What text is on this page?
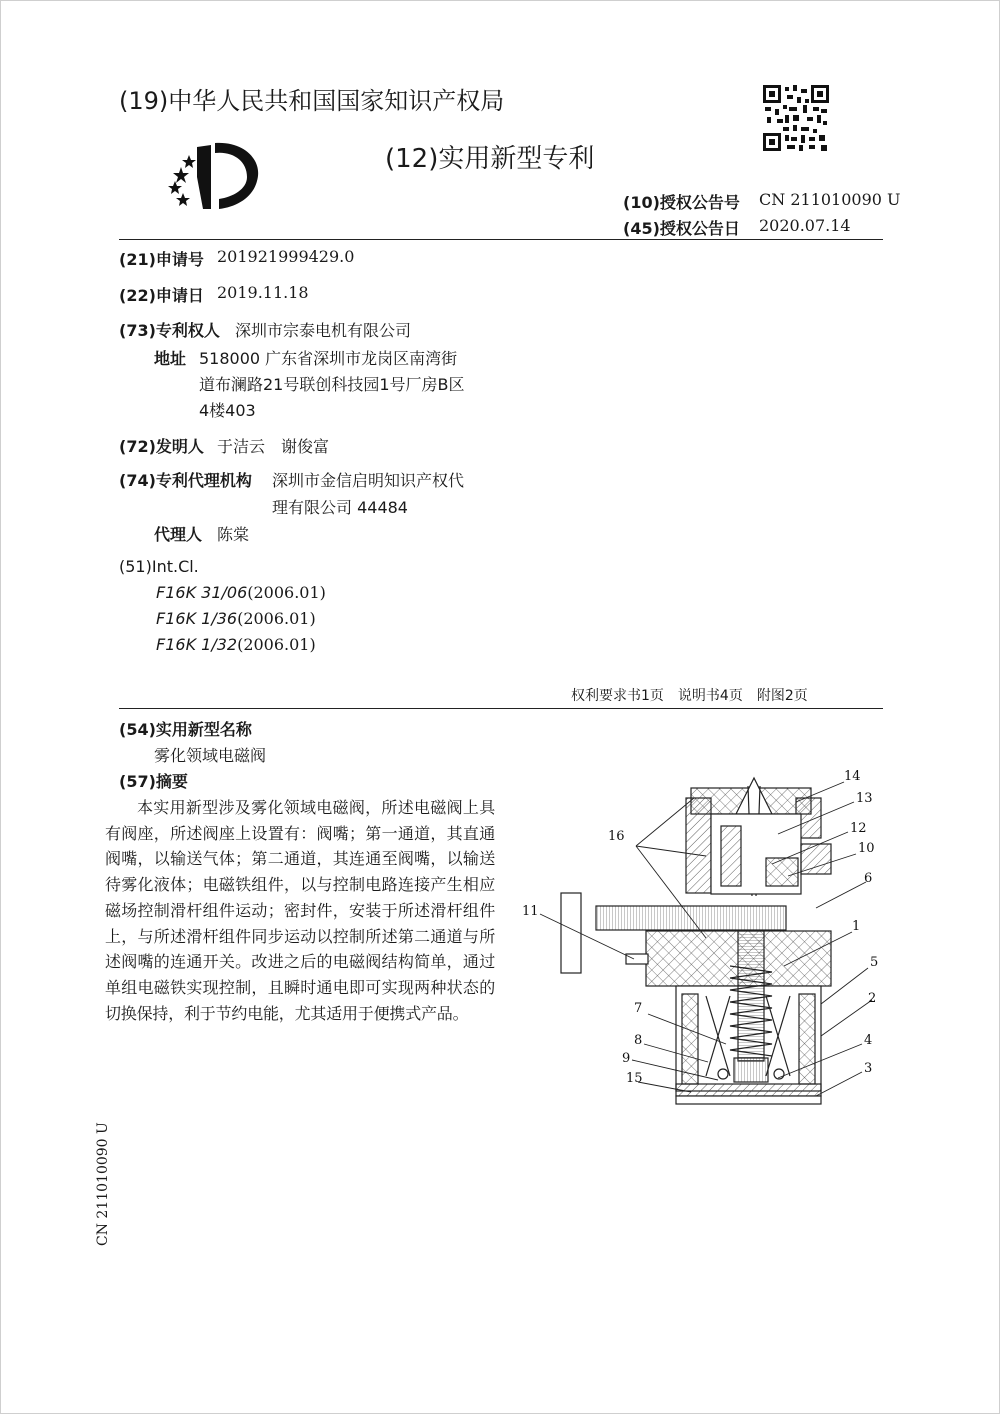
(19)中华人民共和国国家知识产权局
(12)实用新型专利
(10)授权公告号 CN 211010090 U
(45)授权公告日 2020.07.14
(21)申请号 201921999429.0
(22)申请日 2019.11.18
(73)专利权人 深圳市宗泰电机有限公司
地址 518000 广东省深圳市龙岗区南湾街
道布澜路21号联创科技园1号厂房B区
4楼403
(72)发明人 于洁云　谢俊富
(74)专利代理机构 深圳市金信启明知识产权代
理有限公司 44484
代理人 陈棠
(51)Int.Cl.
F16K 31/06(2006.01)
F16K 1/36(2006.01)
F16K 1/32(2006.01)
权利要求书1页　说明书4页　附图2页
(54)实用新型名称
雾化领域电磁阀
(57)摘要
本实用新型涉及雾化领域电磁阀，所述电磁阀上具有阀座，所述阀座上设置有：阀嘴；第一通道，其直通阀嘴，以输送气体；第二通道，其连通至阀嘴，以输送待雾化液体；电磁铁组件，以与控制电路连接产生相应磁场控制滑杆组件运动；密封件，安装于所述滑杆组件上，与所述滑杆组件同步运动以控制所述第二通道与所述阀嘴的连通开关。改进之后的电磁阀结构简单，通过单组电磁铁实现控制，且瞬时通电即可实现两种状态的切换保持，利于节约电能，尤其适用于便携式产品。
14
13
16
12
10
6
11
1
5
2
7
8	4
9
15
3
CN 211010090 U
